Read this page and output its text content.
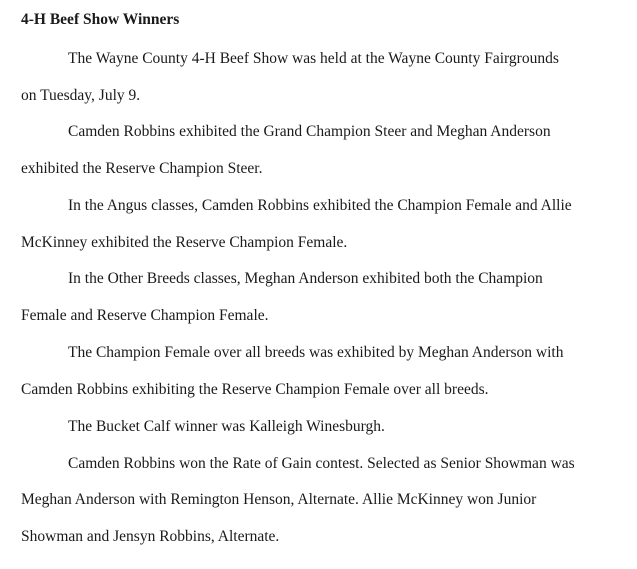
4-H Beef Show Winners
The Wayne County 4-H Beef Show was held at the Wayne County Fairgrounds
on Tuesday, July 9.
Camden Robbins exhibited the Grand Champion Steer and Meghan Anderson
exhibited the Reserve Champion Steer.
In the Angus classes, Camden Robbins exhibited the Champion Female and Allie
McKinney exhibited the Reserve Champion Female.
In the Other Breeds classes, Meghan Anderson exhibited both the Champion
Female and Reserve Champion Female.
The Champion Female over all breeds was exhibited by Meghan Anderson with
Camden Robbins exhibiting the Reserve Champion Female over all breeds.
The Bucket Calf winner was Kalleigh Winesburgh.
Camden Robbins won the Rate of Gain contest. Selected as Senior Showman was
Meghan Anderson with Remington Henson, Alternate. Allie McKinney won Junior
Showman and Jensyn Robbins, Alternate.
